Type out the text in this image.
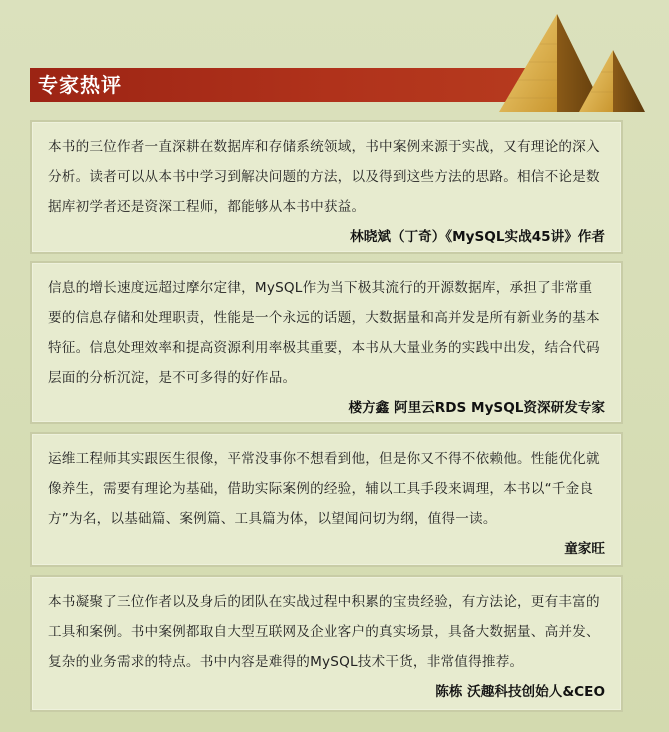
专家热评
本书的三位作者一直深耕在数据库和存储系统领域，书中案例来源于实战，又有理论的深入分析。读者可以从本书中学习到解决问题的方法，以及得到这些方法的思路。相信不论是数据库初学者还是资深工程师，都能够从本书中获益。
林晓斌（丁奇）《MySQL实战45讲》作者
信息的增长速度远超过摩尔定律，MySQL作为当下极其流行的开源数据库，承担了非常重要的信息存储和处理职责，性能是一个永远的话题，大数据量和高并发是所有新业务的基本特征。信息处理效率和提高资源利用率极其重要，本书从大量业务的实践中出发，结合代码层面的分析沉淀，是不可多得的好作品。
楼方鑫 阿里云RDS MySQL资深研发专家
运维工程师其实跟医生很像，平常没事你不想看到他，但是你又不得不依赖他。性能优化就像养生，需要有理论为基础，借助实际案例的经验，辅以工具手段来调理，本书以“千金良方”为名，以基础篇、案例篇、工具篇为体，以望闻问切为纲，值得一读。
童家旺
本书凝聚了三位作者以及身后的团队在实战过程中积累的宝贵经验，有方法论，更有丰富的工具和案例。书中案例都取自大型互联网及企业客户的真实场景，具备大数据量、高并发、复杂的业务需求的特点。书中内容是难得的MySQL技术干货，非常值得推荐。
陈栋 沃趣科技创始人&CEO
